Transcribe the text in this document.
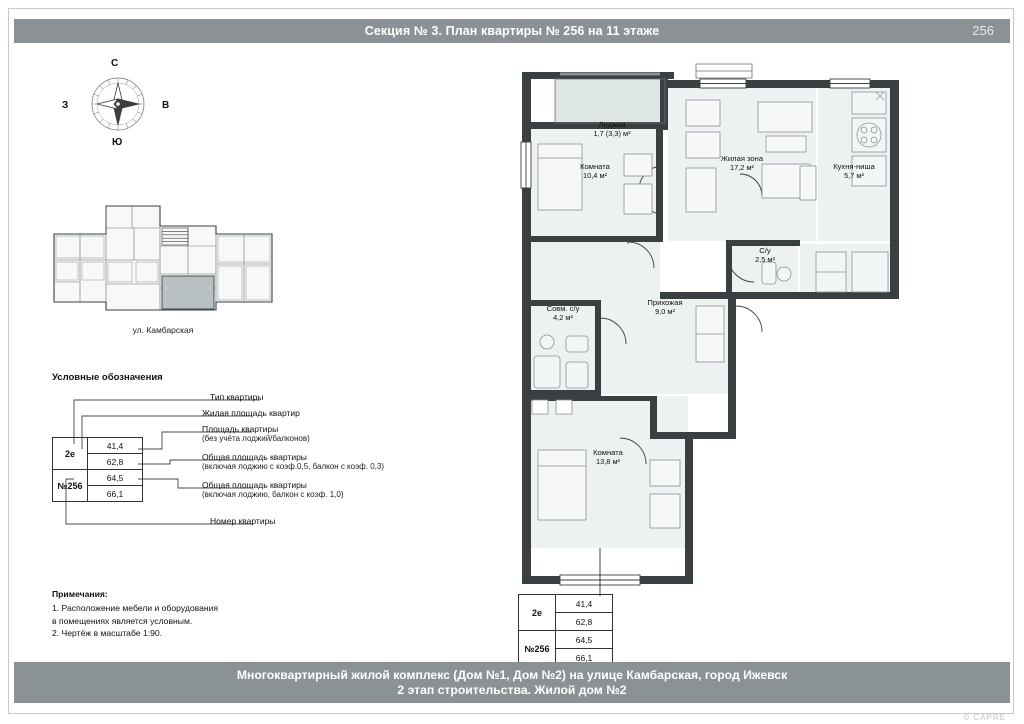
Секция № 3. План квартиры № 256 на 11 этаже	256
С
В
Ю
З
ул. Камбарская
Условные обозначения
2е	41,4
	62,8
№256	64,5
	66,1
Тип квартиры
Жилая площадь квартир
Площадь квартиры
(без учёта лоджий/балконов)
Общая площадь квартиры
(включая лоджию с коэф.0,5, балкон с коэф. 0,3)
Общая площадь квартиры
(включая лоджию, балкон с коэф. 1,0)
Номер квартиры
Примечания:
1. Расположение мебели и оборудования
в помещениях является условным.
2. Чертёж в масштабе 1:90.
Лоджия
1,7 (3,3) м²
Комната
10,4 м²
Жилая зона
17,2 м²	Кухня-ниша
5,7 м²
С/у
2,5 м²
Совм. с/у
4,2 м²
Прихожая
9,0 м²
Комната
13,8 м²
2е	41,4
	62,8
№256	64,5
	66,1
Многоквартирный жилой комплекс (Дом №1, Дом №2) на улице Камбарская, город Ижевск
2 этап строительства. Жилой дом №2
© CAPRE
